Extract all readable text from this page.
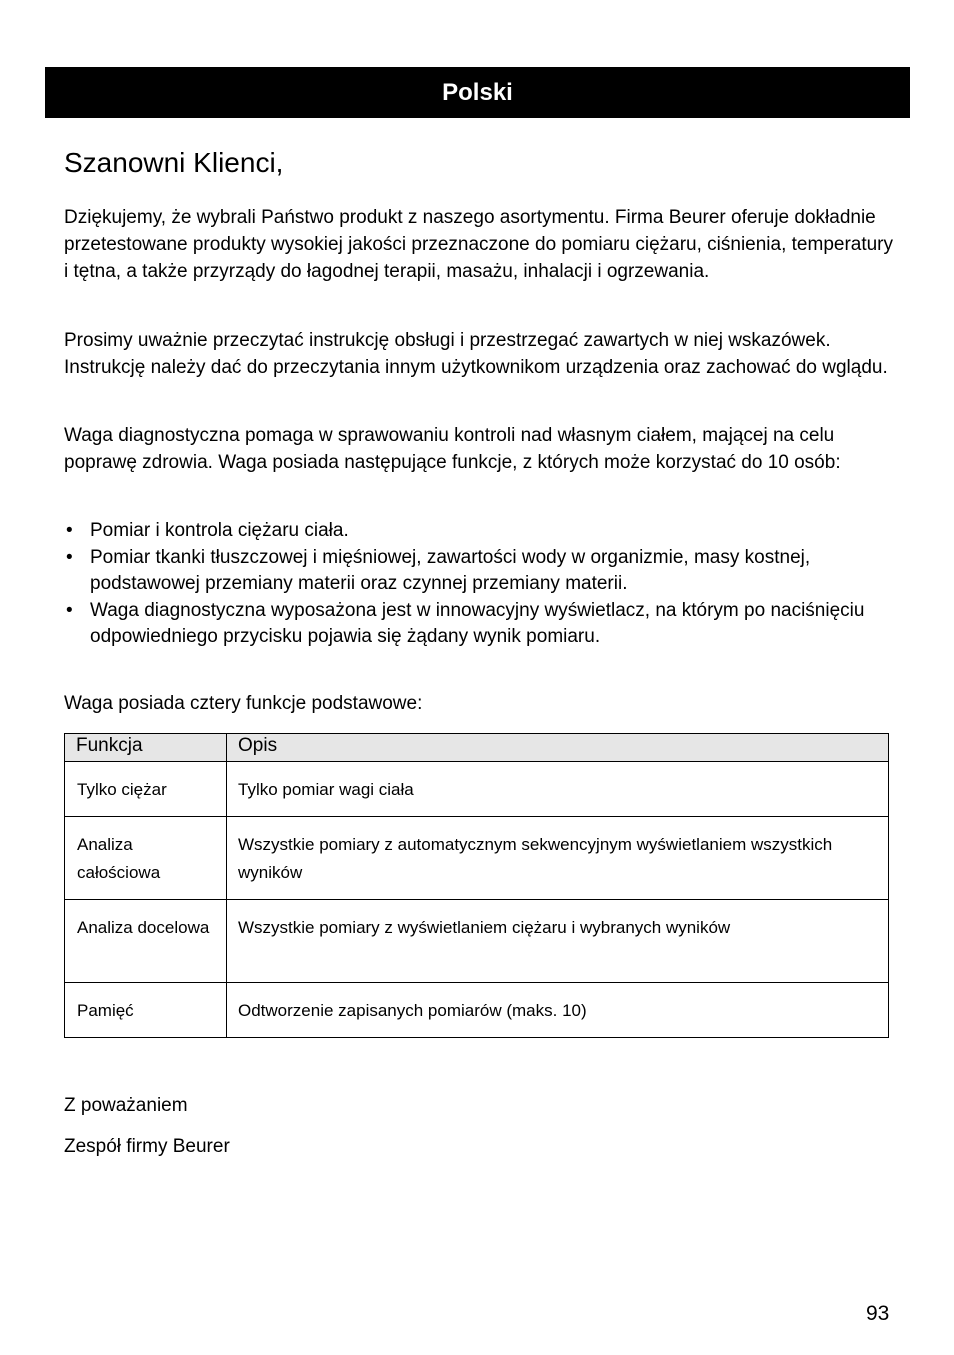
Polski
Szanowni Klienci,

Dziękujemy, że wybrali Państwo produkt z naszego asortymentu. Firma Beurer oferuje dokładnie przetestowane produkty wysokiej jakości przeznaczone do pomiaru ciężaru, ciśnienia, temperatury i tętna, a także przyrządy do łagodnej terapii, masażu, inhalacji i ogrzewania.

Prosimy uważnie przeczytać instrukcję obsługi i przestrzegać zawartych w niej wskazówek. Instrukcję należy dać do przeczytania innym użytkownikom urządzenia oraz zachować do wglądu.

Waga diagnostyczna pomaga w sprawowaniu kontroli nad własnym ciałem, mającej na celu poprawę zdrowia. Waga posiada następujące funkcje, z których może korzystać do 10 osób:

• Pomiar i kontrola ciężaru ciała.
• Pomiar tkanki tłuszczowej i mięśniowej, zawartości wody w organizmie, masy kostnej, podstawowej przemiany materii oraz czynnej przemiany materii.
• Waga diagnostyczna wyposażona jest w innowacyjny wyświetlacz, na którym po naciśnięciu odpowiedniego przycisku pojawia się żądany wynik pomiaru.

Waga posiada cztery funkcje podstawowe:

Funkcja	Opis
Tylko ciężar	Tylko pomiar wagi ciała
Analiza całościowa	Wszystkie pomiary z automatycznym sekwencyjnym wyświetlaniem wszystkich wyników
Analiza docelowa	Wszystkie pomiary z wyświetlaniem ciężaru i wybranych wyników
Pamięć	Odtworzenie zapisanych pomiarów (maks. 10)

Z poważaniem

Zespół firmy Beurer

93
